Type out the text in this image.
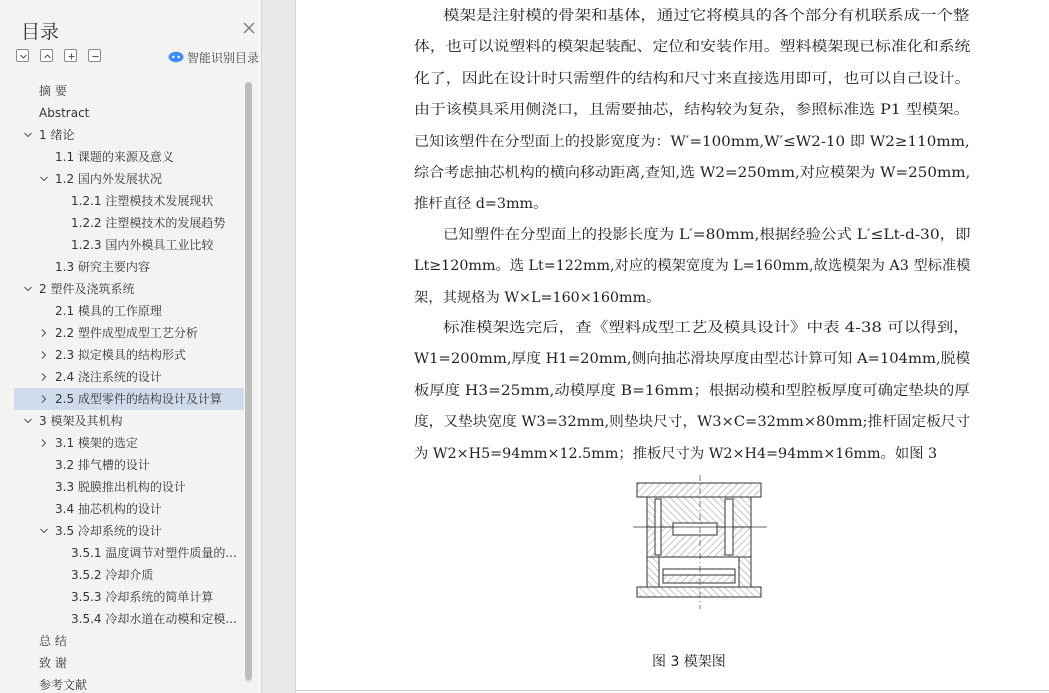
目录
智能识别目录
摘 要
Abstract
1 绪论
1.1 课题的来源及意义
1.2 国内外发展状况
1.2.1 注塑模技术发展现状
1.2.2 注塑模技术的发展趋势
1.2.3 国内外模具工业比较
1.3 研究主要内容
2 塑件及浇筑系统
2.1 模具的工作原理
2.2 塑件成型成型工艺分析
2.3 拟定模具的结构形式
2.4 浇注系统的设计
2.5 成型零件的结构设计及计算
3 模架及其机构
3.1 模架的选定
3.2 排气槽的设计
3.3 脱膜推出机构的设计
3.4 抽芯机构的设计
3.5 冷却系统的设计
3.5.1 温度调节对塑件质量的...
3.5.2 冷却介质
3.5.3 冷却系统的简单计算
3.5.4 冷却水道在动模和定模...
总 结
致 谢
参考文献
模架是注射模的骨架和基体，通过它将模具的各个部分有机联系成一个整
体，也可以说塑料的模架起装配、定位和安装作用。塑料模架现已标准化和系统
化了，因此在设计时只需塑件的结构和尺寸来直接选用即可，也可以自己设计。
由于该模具采用侧浇口，且需要抽芯，结构较为复杂，参照标准选 P1 型模架。
已知该塑件在分型面上的投影宽度为：W′=100mm,W′≤W2-10 即 W2≥110mm,
综合考虑抽芯机构的横向移动距离,查知,选 W2=250mm,对应模架为 W=250mm,
推杆直径 d=3mm。
已知塑件在分型面上的投影长度为 L′=80mm,根据经验公式 L′≤Lt-d-30，即
Lt≥120mm。选 Lt=122mm,对应的模架宽度为 L=160mm,故选模架为 A3 型标准模
架，其规格为 W×L=160×160mm。
标准模架选完后，查《塑料成型工艺及模具设计》中表 4-38 可以得到，
W1=200mm,厚度 H1=20mm,侧向抽芯滑块厚度由型芯计算可知 A=104mm,脱模
板厚度 H3=25mm,动模厚度 B=16mm；根据动模和型腔板厚度可确定垫块的厚
度，又垫块宽度 W3=32mm,则垫块尺寸，W3×C=32mm×80mm;推杆固定板尺寸
为 W2×H5=94mm×12.5mm；推板尺寸为 W2×H4=94mm×16mm。如图 3
图 3 模架图
